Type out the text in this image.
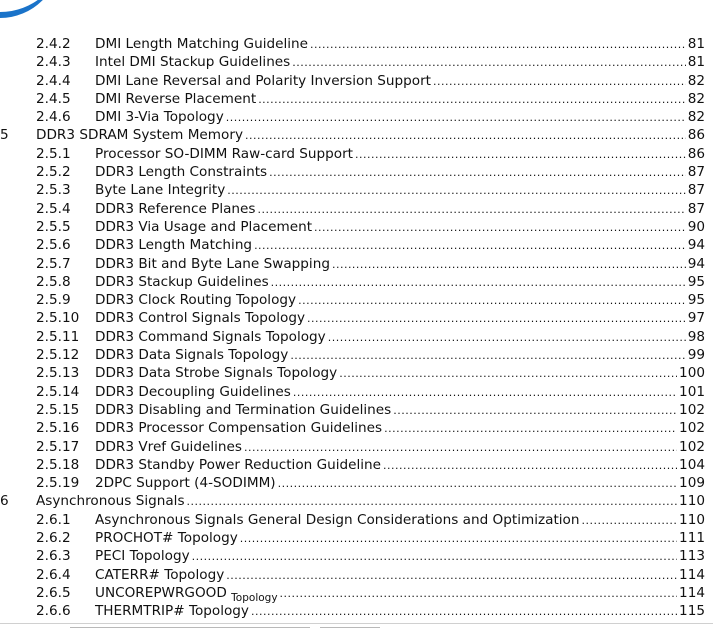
2.4.2 DMI Length Matching Guideline .....	81
2.4.3 Intel DMI Stackup Guidelines .....	81
2.4.4 DMI Lane Reversal and Polarity Inversion Support .....	82
2.4.5 DMI Reverse Placement .....	82
2.4.6 DMI 3-Via Topology .....	82
5 DDR3 SDRAM System Memory .....	86
2.5.1 Processor SO-DIMM Raw-card Support .....	86
2.5.2 DDR3 Length Constraints .....	87
2.5.3 Byte Lane Integrity .....	87
2.5.4 DDR3 Reference Planes .....	87
2.5.5 DDR3 Via Usage and Placement .....	90
2.5.6 DDR3 Length Matching .....	94
2.5.7 DDR3 Bit and Byte Lane Swapping .....	94
2.5.8 DDR3 Stackup Guidelines .....	95
2.5.9 DDR3 Clock Routing Topology .....	95
2.5.10 DDR3 Control Signals Topology .....	97
2.5.11 DDR3 Command Signals Topology .....	98
2.5.12 DDR3 Data Signals Topology .....	99
2.5.13 DDR3 Data Strobe Signals Topology .....	100
2.5.14 DDR3 Decoupling Guidelines .....	101
2.5.15 DDR3 Disabling and Termination Guidelines .....	102
2.5.16 DDR3 Processor Compensation Guidelines .....	102
2.5.17 DDR3 Vref Guidelines .....	102
2.5.18 DDR3 Standby Power Reduction Guideline .....	104
2.5.19 2DPC Support (4-SODIMM) .....	109
6 Asynchronous Signals .....	110
2.6.1 Asynchronous Signals General Design Considerations and Optimization .....	110
2.6.2 PROCHOT# Topology .....	111
2.6.3 PECI Topology .....	113
2.6.4 CATERR# Topology .....	114
2.6.5 UNCOREPWRGOOD $_{Topology}$ .....	114
2.6.6 THERMTRIP# Topology .....	115
